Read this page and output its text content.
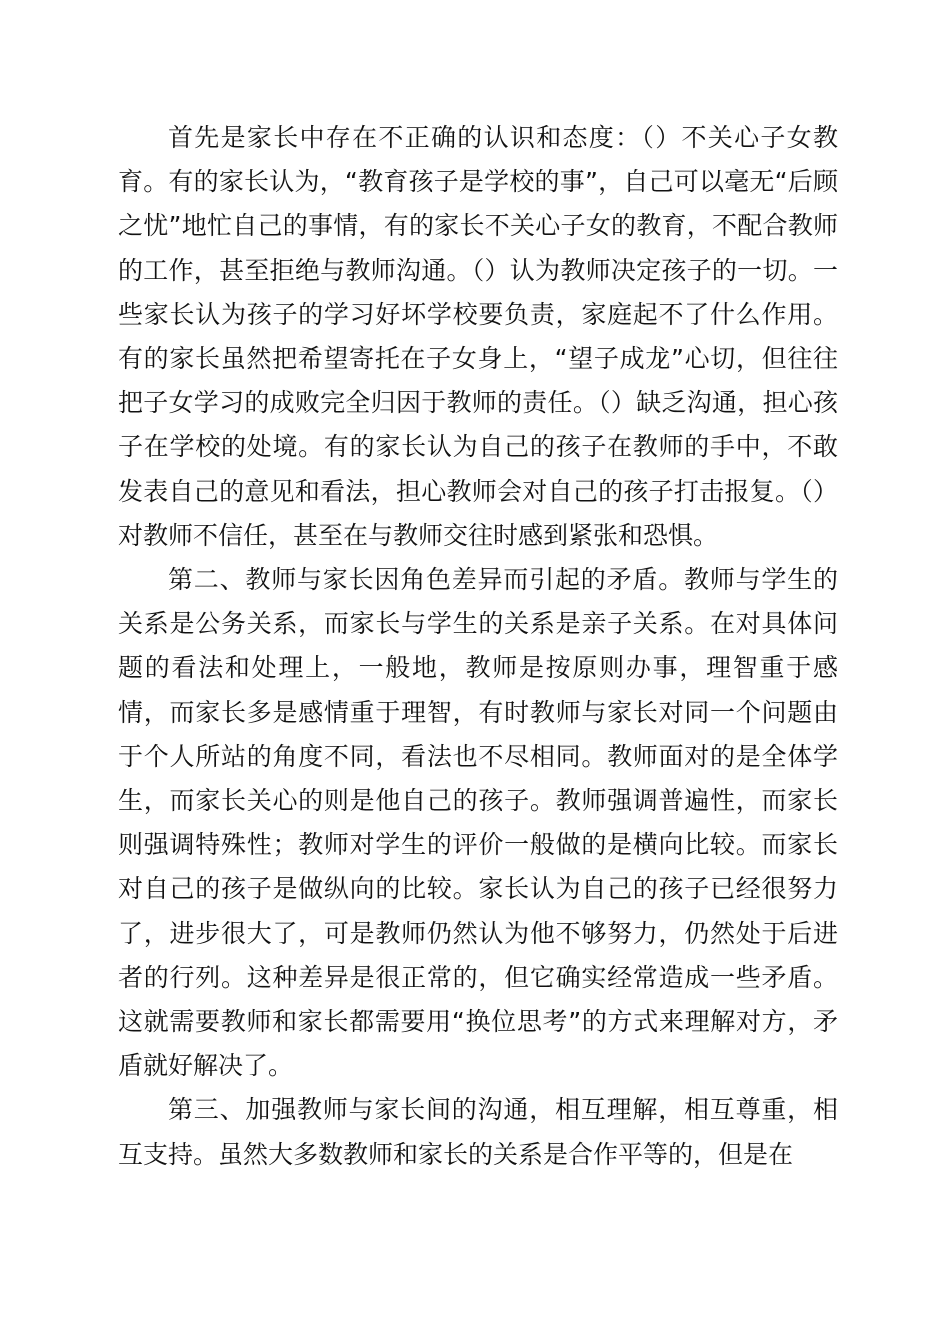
首先是家长中存在不正确的认识和态度：（）不关心子女教育。有的家长认为，“教育孩子是学校的事”，自己可以毫无“后顾之忧”地忙自己的事情，有的家长不关心子女的教育，不配合教师的工作，甚至拒绝与教师沟通。（）认为教师决定孩子的一切。一些家长认为孩子的学习好坏学校要负责，家庭起不了什么作用。有的家长虽然把希望寄托在子女身上，“望子成龙”心切，但往往把子女学习的成败完全归因于教师的责任。（）缺乏沟通，担心孩子在学校的处境。有的家长认为自己的孩子在教师的手中，不敢发表自己的意见和看法，担心教师会对自己的孩子打击报复。（）对教师不信任，甚至在与教师交往时感到紧张和恐惧。

第二、教师与家长因角色差异而引起的矛盾。教师与学生的关系是公务关系，而家长与学生的关系是亲子关系。在对具体问题的看法和处理上，一般地，教师是按原则办事，理智重于感情，而家长多是感情重于理智，有时教师与家长对同一个问题由于个人所站的角度不同，看法也不尽相同。教师面对的是全体学生，而家长关心的则是他自己的孩子。教师强调普遍性，而家长则强调特殊性；教师对学生的评价一般做的是横向比较。而家长对自己的孩子是做纵向的比较。家长认为自己的孩子已经很努力了，进步很大了，可是教师仍然认为他不够努力，仍然处于后进者的行列。这种差异是很正常的，但它确实经常造成一些矛盾。这就需要教师和家长都需要用“换位思考”的方式来理解对方，矛盾就好解决了。

第三、加强教师与家长间的沟通，相互理解，相互尊重，相互支持。虽然大多数教师和家长的关系是合作平等的，但是在
